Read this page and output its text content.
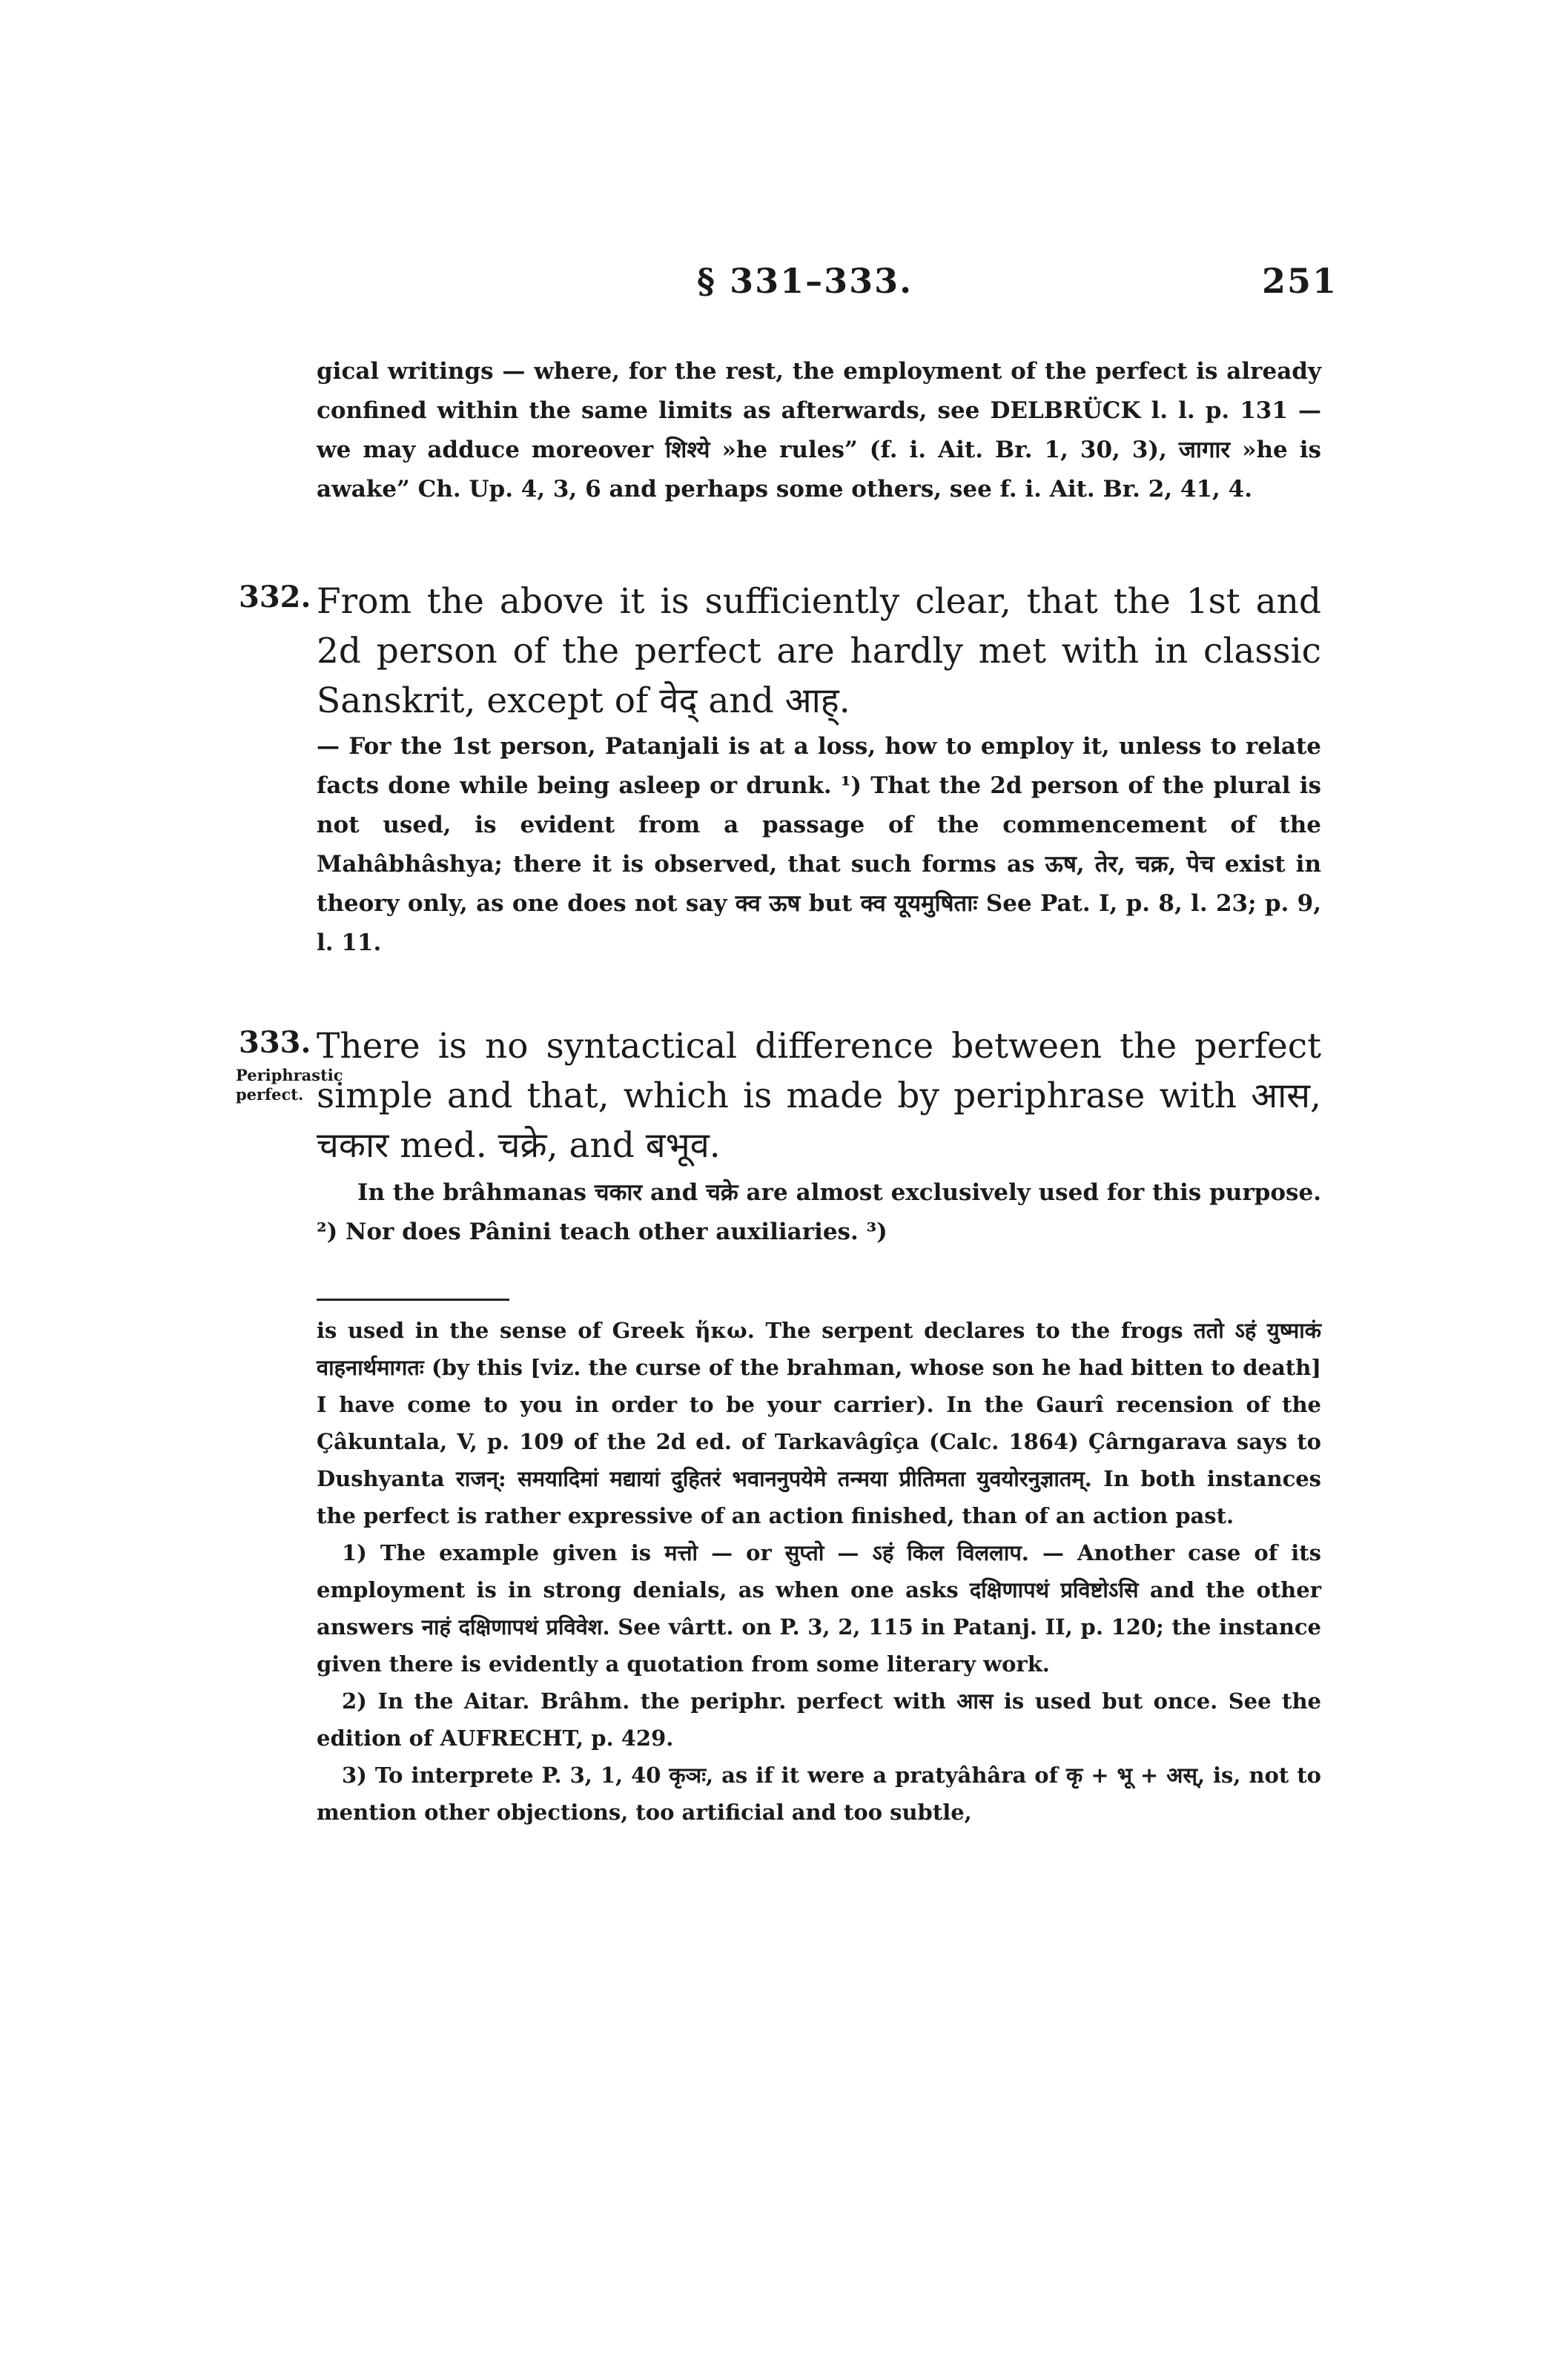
§ 331–333.	251

gical writings — where, for the rest, the employment of the perfect is already confined within the same limits as afterwards, see DELBRÜCK l. l. p. 131 — we may adduce moreover शिश्ये »he rules” (f. i. Ait. Br. 1, 30, 3), जागार »he is awake” Ch. Up. 4, 3, 6 and perhaps some others, see f. i. Ait. Br. 2, 41, 4.

332. From the above it is sufficiently clear, that the 1st and 2d person of the perfect are hardly met with in classic Sanskrit, except of वेद् and आह्.

— For the 1st person, Patanjali is at a loss, how to employ it, unless to relate facts done while being asleep or drunk. ¹) That the 2d person of the plural is not used, is evident from a passage of the commencement of the Mahâbhâshya; there it is observed, that such forms as ऊष, तेर, चक्र, पेच exist in theory only, as one does not say क्व ऊष but क्व यूयमुषिताः See Pat. I, p. 8, l. 23; p. 9, l. 11.

333.
Periphrastic perfect.

There is no syntactical difference between the perfect simple and that, which is made by periphrase with आस, चकार med. चक्रे, and बभूव.

In the brâhmanas चकार and चक्रे are almost exclusively used for this purpose. ²) Nor does Pânini teach other auxiliaries. ³)

is used in the sense of Greek ἥκω. The serpent declares to the frogs ततो ऽहं युष्माकं वाहनार्थमागतः (by this [viz. the curse of the brahman, whose son he had bitten to death] I have come to you in order to be your carrier). In the Gaurî recension of the Çâkuntala, V, p. 109 of the 2d ed. of Tarkavâgîça (Calc. 1864) Çârngarava says to Dushyanta राजन्: समयादिमां मद्यायां दुहितरं भवाननुपयेमे तन्मया प्रीतिमता युवयोरनुज्ञातम्. In both instances the perfect is rather expressive of an action finished, than of an action past.

1) The example given is मत्तो — or सुप्तो — ऽहं किल विललाप. — Another case of its employment is in strong denials, as when one asks दक्षिणापथं प्रविष्टोऽसि and the other answers नाहं दक्षिणापथं प्रविवेश. See vârtt. on P. 3, 2, 115 in Patanj. II, p. 120; the instance given there is evidently a quotation from some literary work.

2) In the Aitar. Brâhm. the periphr. perfect with आस is used but once. See the edition of AUFRECHT, p. 429.

3) To interprete P. 3, 1, 40 कृञः, as if it were a pratyâhâra of कृ + भू + अस्, is, not to mention other objections, too artificial and too subtle,
